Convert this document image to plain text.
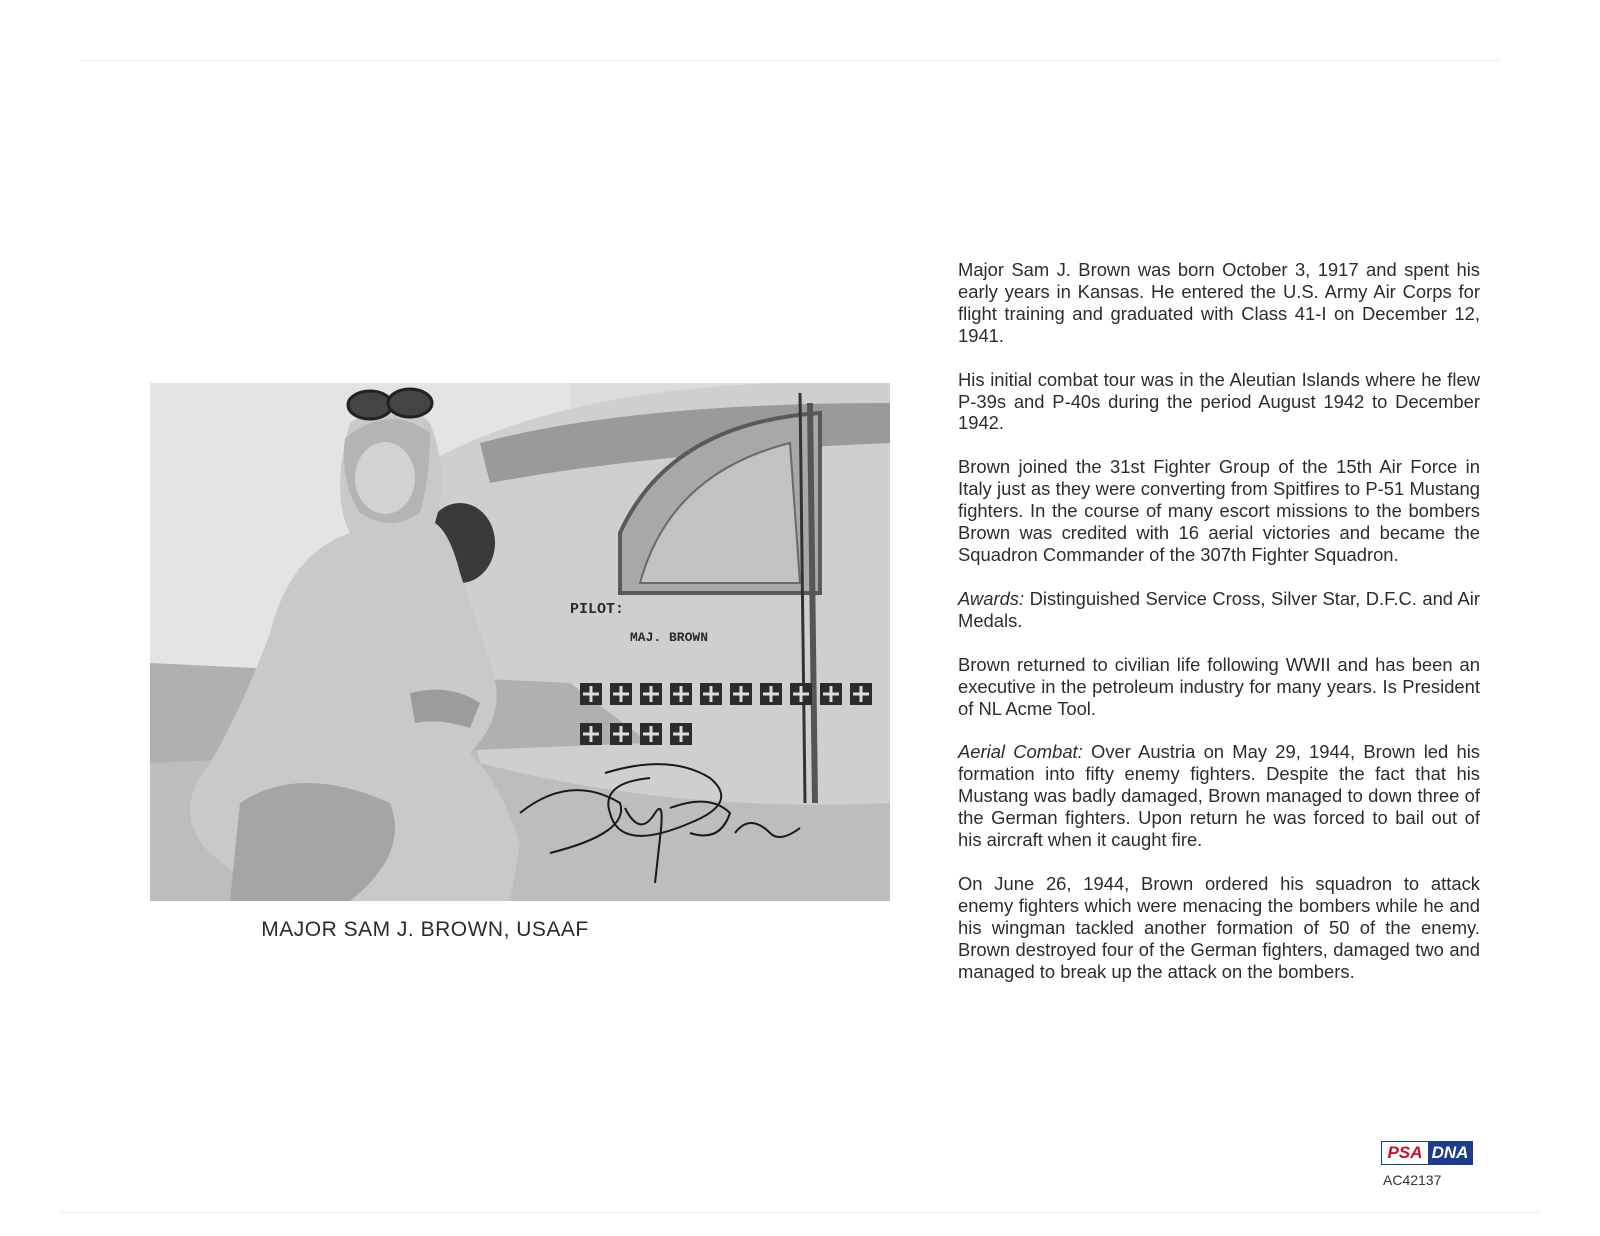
PILOT:
MAJ. BROWN
MAJOR SAM J. BROWN, USAAF

Major Sam J. Brown was born October 3, 1917 and spent his early years in Kansas. He entered the U.S. Army Air Corps for flight training and graduated with Class 41-I on December 12, 1941.

His initial combat tour was in the Aleutian Islands where he flew P-39s and P-40s during the period August 1942 to December 1942.

Brown joined the 31st Fighter Group of the 15th Air Force in Italy just as they were converting from Spitfires to P-51 Mustang fighters. In the course of many escort missions to the bombers Brown was credited with 16 aerial victories and became the Squadron Commander of the 307th Fighter Squadron.

Awards: Distinguished Service Cross, Silver Star, D.F.C. and Air Medals.

Brown returned to civilian life following WWII and has been an executive in the petroleum industry for many years. Is President of NL Acme Tool.

Aerial Combat: Over Austria on May 29, 1944, Brown led his formation into fifty enemy fighters. Despite the fact that his Mustang was badly damaged, Brown managed to down three of the German fighters. Upon return he was forced to bail out of his aircraft when it caught fire.

On June 26, 1944, Brown ordered his squadron to attack enemy fighters which were menacing the bombers while he and his wingman tackled another formation of 50 of the enemy. Brown destroyed four of the German fighters, damaged two and managed to break up the attack on the bombers.

PSA DNA
AC42137
